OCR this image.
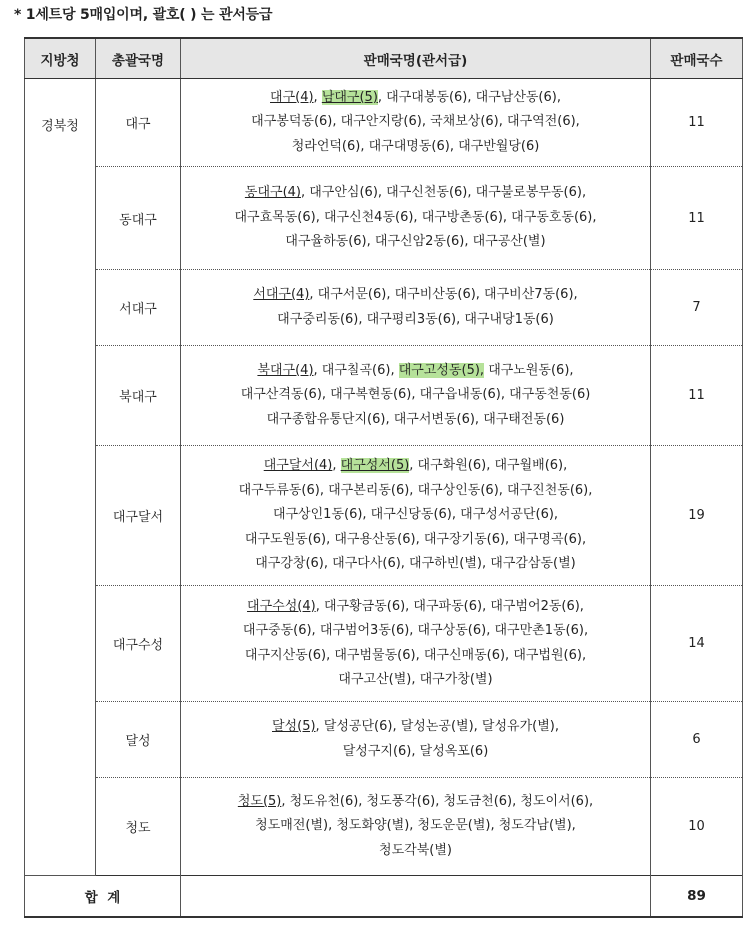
* 1세트당 5매입이며, 괄호( ) 는 관서등급
지방청	총괄국명	판매국명(관서급)	판매국수
경북청	대구	대구(4), 남대구(5), 대구대봉동(6), 대구남산동(6),
대구봉덕동(6), 대구안지랑(6), 국채보상(6), 대구역전(6),
청라언덕(6), 대구대명동(6), 대구반월당(6)	11
	동대구	동대구(4), 대구안심(6), 대구신천동(6), 대구불로봉무동(6),
대구효목동(6), 대구신천4동(6), 대구방촌동(6), 대구동호동(6),
대구율하동(6), 대구신암2동(6), 대구공산(별)	11
	서대구	서대구(4), 대구서문(6), 대구비산동(6), 대구비산7동(6),
대구중리동(6), 대구평리3동(6), 대구내당1동(6)	7
	북대구	북대구(4), 대구칠곡(6), 대구고성동(5), 대구노원동(6),
대구산격동(6), 대구복현동(6), 대구읍내동(6), 대구동천동(6)
대구종합유통단지(6), 대구서변동(6), 대구태전동(6)	11
	대구달서	대구달서(4), 대구성서(5), 대구화원(6), 대구월배(6),
대구두류동(6), 대구본리동(6), 대구상인동(6), 대구진천동(6),
대구상인1동(6), 대구신당동(6), 대구성서공단(6),
대구도원동(6), 대구용산동(6), 대구장기동(6), 대구명곡(6),
대구강창(6), 대구다사(6), 대구하빈(별), 대구감삼동(별)	19
	대구수성	대구수성(4), 대구황금동(6), 대구파동(6), 대구범어2동(6),
대구중동(6), 대구범어3동(6), 대구상동(6), 대구만촌1동(6),
대구지산동(6), 대구범물동(6), 대구신매동(6), 대구법원(6),
대구고산(별), 대구가창(별)	14
	달성	달성(5), 달성공단(6), 달성논공(별), 달성유가(별),
달성구지(6), 달성옥포(6)	6
	청도	청도(5), 청도유천(6), 청도풍각(6), 청도금천(6), 청도이서(6),
청도매전(별), 청도화양(별), 청도운문(별), 청도각남(별),
청도각북(별)	10
합  계			89
